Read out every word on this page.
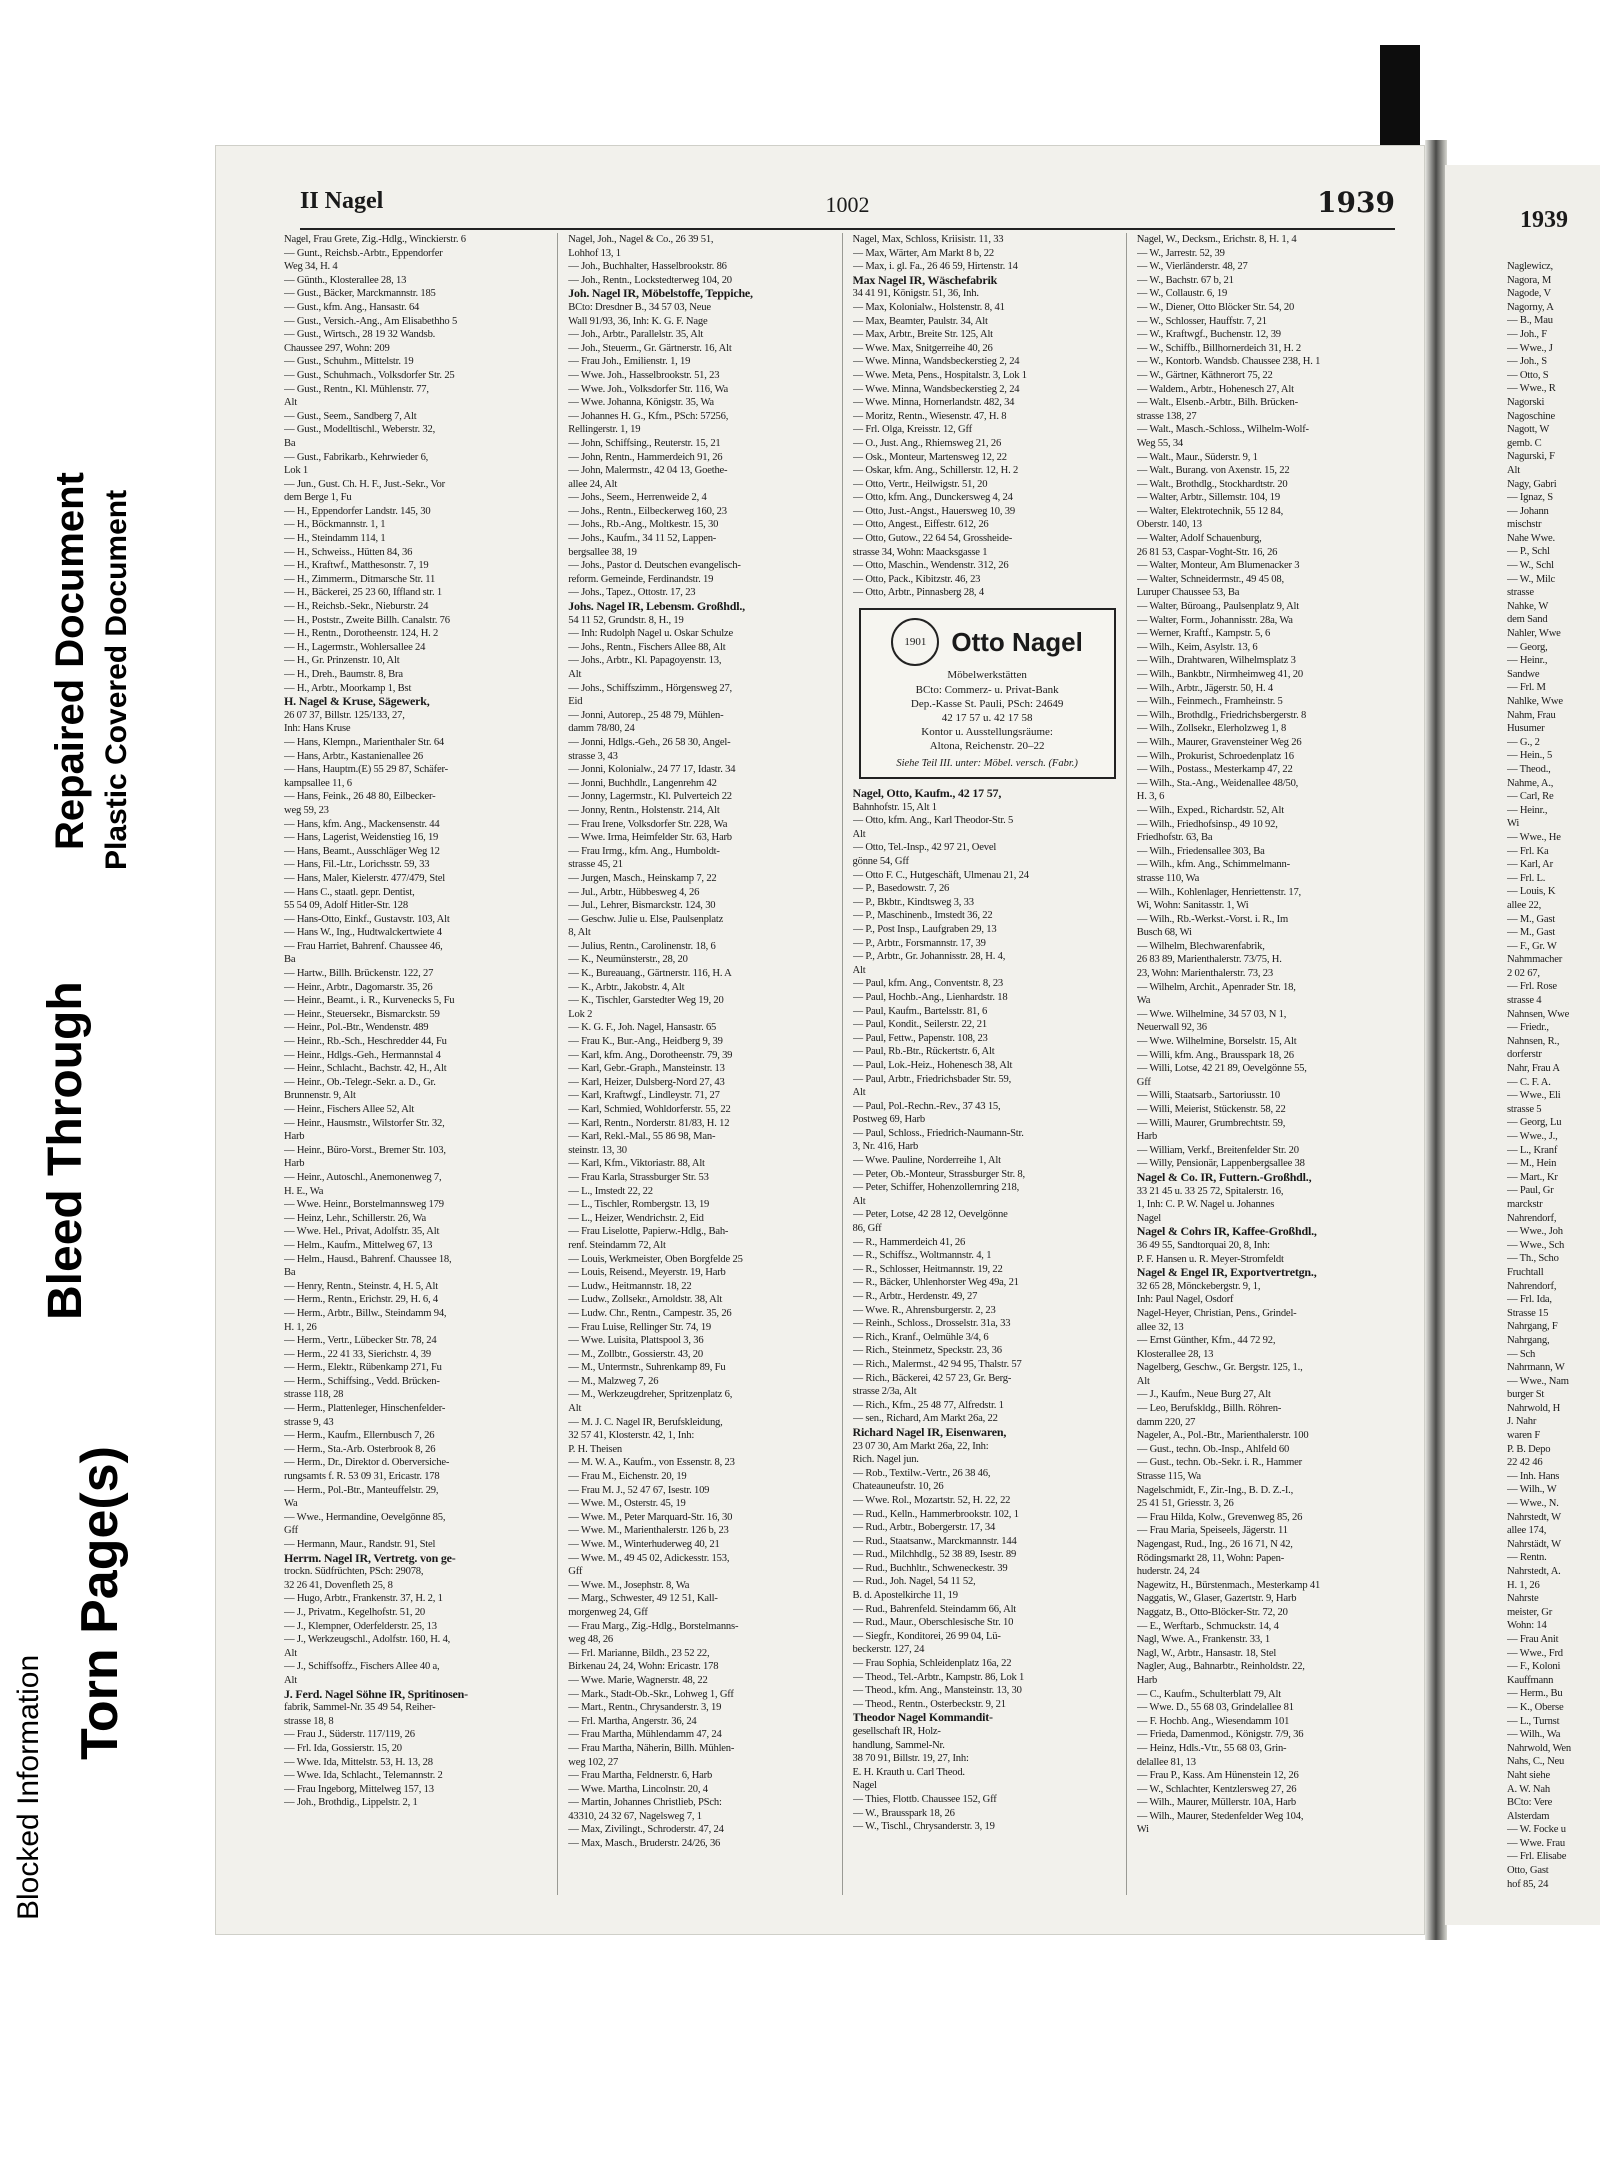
Blocked Information
Bleed Through
Torn Page(s)
Repaired Document Plastic Covered Document
II Nagel	1002	1939

Nagel, Frau Grete, Zig.-Hdlg., Winckierstr. 6

— Gunt., Reichsb.-Arbtr., Eppendorfer

Weg 34, H. 4

— Günth., Klosterallee 28, 13

— Gust., Bäcker, Marckmannstr. 185

— Gust., kfm. Ang., Hansastr. 64

— Gust., Versich.-Ang., Am Elisabethho 5

— Gust., Wirtsch., 28 19 32 Wandsb.

Chaussee 297, Wohn: 209

— Gust., Schuhm., Mittelstr. 19

— Gust., Schuhmach., Volksdorfer Str. 25

— Gust., Rentn., Kl. Mühlenstr. 77,

Alt

— Gust., Seem., Sandberg 7, Alt

— Gust., Modelltischl., Weberstr. 32,

Ba

— Gust., Fabrikarb., Kehrwieder 6,

Lok 1

— Jun., Gust. Ch. H. F., Just.-Sekr., Vor

dem Berge 1, Fu

— H., Eppendorfer Landstr. 145, 30

— H., Böckmannstr. 1, 1

— H., Steindamm 114, 1

— H., Schweiss., Hütten 84, 36

— H., Kraftwf., Matthesonstr. 7, 19

— H., Zimmerm., Ditmarsche Str. 11

— H., Bäckerei, 25 23 60, Iffland str. 1

— H., Reichsb.-Sekr., Nieburstr. 24

— H., Poststr., Zweite Billh. Canalstr. 76

— H., Rentn., Dorotheenstr. 124, H. 2

— H., Lagermstr., Wohlersallee 24

— H., Gr. Prinzenstr. 10, Alt

— H., Dreh., Baumstr. 8, Bra

— H., Arbtr., Moorkamp 1, Bst

H. Nagel & Kruse, Sägewerk,

26 07 37, Billstr. 125/133, 27,

Inh: Hans Kruse

— Hans, Klempn., Marienthaler Str. 64

— Hans, Arbtr., Kastanienallee 26

— Hans, Hauptm.(E) 55 29 87, Schäfer-

kampsallee 11, 6

— Hans, Feink., 26 48 80, Eilbecker-

weg 59, 23

— Hans, kfm. Ang., Mackensenstr. 44

— Hans, Lagerist, Weidenstieg 16, 19

— Hans, Beamt., Ausschläger Weg 12

— Hans, Fil.-Ltr., Lorichsstr. 59, 33

— Hans, Maler, Kielerstr. 477/479, Stel

— Hans C., staatl. gepr. Dentist,

55 54 09, Adolf Hitler-Str. 128

— Hans-Otto, Einkf., Gustavstr. 103, Alt

— Hans W., Ing., Hudtwalckertwiete 4

— Frau Harriet, Bahrenf. Chaussee 46,

Ba

— Hartw., Billh. Brückenstr. 122, 27

— Heinr., Arbtr., Dagomarstr. 35, 26

— Heinr., Beamt., i. R., Kurvenecks 5, Fu

— Heinr., Steuersekr., Bismarckstr. 59

— Heinr., Pol.-Btr., Wendenstr. 489

— Heinr., Rb.-Sch., Heschredder 44, Fu

— Heinr., Hdlgs.-Geh., Hermannstal 4

— Heinr., Schlacht., Bachstr. 42, H., Alt

— Heinr., Ob.-Telegr.-Sekr. a. D., Gr.

Brunnenstr. 9, Alt

— Heinr., Fischers Allee 52, Alt

— Heinr., Hausmstr., Wilstorfer Str. 32,

Harb

— Heinr., Büro-Vorst., Bremer Str. 103,

Harb

— Heinr., Autoschl., Anemonenweg 7,

H. E., Wa

— Wwe. Heinr., Borstelmannsweg 179

— Heinz, Lehr., Schillerstr. 26, Wa

— Wwe. Hel., Privat, Adolfstr. 35, Alt

— Helm., Kaufm., Mittelweg 67, 13

— Helm., Hausd., Bahrenf. Chaussee 18,

Ba

— Henry, Rentn., Steinstr. 4, H. 5, Alt

— Herm., Rentn., Erichstr. 29, H. 6, 4

— Herm., Arbtr., Billw., Steindamm 94,

H. 1, 26

— Herm., Vertr., Lübecker Str. 78, 24

— Herm., 22 41 33, Sierichstr. 4, 39

— Herm., Elektr., Rübenkamp 271, Fu

— Herm., Schiffsing., Vedd. Brücken-

strasse 118, 28

— Herm., Plattenleger, Hinschenfelder-

strasse 9, 43

— Herm., Kaufm., Ellernbusch 7, 26

— Herm., Sta.-Arb. Osterbrook 8, 26

— Herm., Dr., Direktor d. Oberversiche-

rungsamts f. R. 53 09 31, Ericastr. 178

— Herm., Pol.-Btr., Manteuffelstr. 29,

Wa

— Wwe., Hermandine, Oevelgönne 85,

Gff

— Hermann, Maur., Randstr. 91, Stel

Herrm. Nagel IR, Vertretg. von ge-

trockn. Südfrüchten, PSch: 29078,

32 26 41, Dovenfleth 25, 8

— Hugo, Arbtr., Frankenstr. 37, H. 2, 1

— J., Privatm., Kegelhofstr. 51, 20

— J., Klempner, Oderfelderstr. 25, 13

— J., Werkzeugschl., Adolfstr. 160, H. 4,

Alt

— J., Schiffsoffz., Fischers Allee 40 a,

Alt

J. Ferd. Nagel Söhne IR, Spritinosen-

fabrik, Sammel-Nr. 35 49 54, Reiher-

strasse 18, 8

— Frau J., Süderstr. 117/119, 26

— Frl. Ida, Gossierstr. 15, 20

— Wwe. Ida, Mittelstr. 53, H. 13, 28

— Wwe. Ida, Schlacht., Telemannstr. 2

— Frau Ingeborg, Mittelweg 157, 13

— Joh., Brothdig., Lippelstr. 2, 1

Nagel, Joh., Nagel & Co., 26 39 51,

Lohhof 13, 1

— Joh., Buchhalter, Hasselbrookstr. 86

— Joh., Rentn., Lockstedterweg 104, 20

Joh. Nagel IR, Möbelstoffe, Teppiche,

BCto: Dresdner B., 34 57 03, Neue

Wall 91/93, 36, Inh: K. G. F. Nage

— Joh., Arbtr., Parallelstr. 35, Alt

— Joh., Steuerm., Gr. Gärtnerstr. 16, Alt

— Frau Joh., Emilienstr. 1, 19

— Wwe. Joh., Hasselbrookstr. 51, 23

— Wwe. Joh., Volksdorfer Str. 116, Wa

— Wwe. Johanna, Königstr. 35, Wa

— Johannes H. G., Kfm., PSch: 57256,

Rellingerstr. 1, 19

— John, Schiffsing., Reuterstr. 15, 21

— John, Rentn., Hammerdeich 91, 26

— John, Malermstr., 42 04 13, Goethe-

allee 24, Alt

— Johs., Seem., Herrenweide 2, 4

— Johs., Rentn., Eilbeckerweg 160, 23

— Johs., Rb.-Ang., Moltkestr. 15, 30

— Johs., Kaufm., 34 11 52, Lappen-

bergsallee 38, 19

— Johs., Pastor d. Deutschen evangelisch-

reform. Gemeinde, Ferdinandstr. 19

— Johs., Tapez., Ottostr. 17, 23

Johs. Nagel IR, Lebensm. Großhdl.,

54 11 52, Grundstr. 8, H., 19

— Inh: Rudolph Nagel u. Oskar Schulze

— Johs., Rentn., Fischers Allee 88, Alt

— Johs., Arbtr., Kl. Papagoyenstr. 13,

Alt

— Johs., Schiffszimm., Hörgensweg 27,

Eid

— Jonni, Autorep., 25 48 79, Mühlen-

damm 78/80, 24

— Jonni, Hdlgs.-Geh., 26 58 30, Angel-

strasse 3, 43

— Jonni, Kolonialw., 24 77 17, Idastr. 34

— Jonni, Buchhdlr., Langenrehm 42

— Jonny, Lagermstr., Kl. Pulverteich 22

— Jonny, Rentn., Holstenstr. 214, Alt

— Frau Irene, Volksdorfer Str. 228, Wa

— Wwe. Irma, Heimfelder Str. 63, Harb

— Frau Irmg., kfm. Ang., Humboldt-

strasse 45, 21

— Jurgen, Masch., Heinskamp 7, 22

— Jul., Arbtr., Hübbesweg 4, 26

— Jul., Lehrer, Bismarckstr. 124, 30

— Geschw. Julie u. Else, Paulsenplatz

8, Alt

— Julius, Rentn., Carolinenstr. 18, 6

— K., Neumünsterstr., 28, 20

— K., Bureauang., Gärtnerstr. 116, H. A

— K., Arbtr., Jakobstr. 4, Alt

— K., Tischler, Garstedter Weg 19, 20

Lok 2

— K. G. F., Joh. Nagel, Hansastr. 65

— Frau K., Bur.-Ang., Heidberg 9, 39

— Karl, kfm. Ang., Dorotheenstr. 79, 39

— Karl, Gebr.-Graph., Mansteinstr. 13

— Karl, Heizer, Dulsberg-Nord 27, 43

— Karl, Kraftwgf., Lindleystr. 71, 27

— Karl, Schmied, Wohldorferstr. 55, 22

— Karl, Rentn., Norderstr. 81/83, H. 12

— Karl, Rekl.-Mal., 55 86 98, Man-

steinstr. 13, 30

— Karl, Kfm., Viktoriastr. 88, Alt

— Frau Karla, Strassburger Str. 53

— L., Imstedt 22, 22

— L., Tischler, Rombergstr. 13, 19

— L., Heizer, Wendrichstr. 2, Eid

— Frau Liselotte, Papierw.-Hdlg., Bah-

renf. Steindamm 72, Alt

— Louis, Werkmeister, Oben Borgfelde 25

— Louis, Reisend., Meyerstr. 19, Harb

— Ludw., Heitmannstr. 18, 22

— Ludw., Zollsekr., Arnoldstr. 38, Alt

— Ludw. Chr., Rentn., Campestr. 35, 26

— Frau Luise, Rellinger Str. 74, 19

— Wwe. Luisita, Plattspool 3, 36

— M., Zollbtr., Gossierstr. 43, 20

— M., Untermstr., Suhrenkamp 89, Fu

— M., Malzweg 7, 26

— M., Werkzeugdreher, Spritzenplatz 6,

Alt

— M. J. C. Nagel IR, Berufskleidung,

32 57 41, Klosterstr. 42, 1, Inh:

P. H. Theisen

— M. W. A., Kaufm., von Essenstr. 8, 23

— Frau M., Eichenstr. 20, 19

— Frau M. J., 52 47 67, Isestr. 109

— Wwe. M., Osterstr. 45, 19

— Wwe. M., Peter Marquard-Str. 16, 30

— Wwe. M., Marienthalerstr. 126 b, 23

— Wwe. M., Winterhuderweg 40, 21

— Wwe. M., 49 45 02, Adickesstr. 153,

Gff

— Wwe. M., Josephstr. 8, Wa

— Marg., Schwester, 49 12 51, Kall-

morgenweg 24, Gff

— Frau Marg., Zig.-Hdlg., Borstelmanns-

weg 48, 26

— Frl. Marianne, Bildh., 23 52 22,

Birkenau 24, 24, Wohn: Ericastr. 178

— Wwe. Marie, Wagnerstr. 48, 22

— Mark., Stadt-Ob.-Skr., Lohweg 1, Gff

— Mart., Rentn., Chrysanderstr. 3, 19

— Frl. Martha, Angerstr. 36, 24

— Frau Martha, Mühlendamm 47, 24

— Frau Martha, Näherin, Billh. Mühlen-

weg 102, 27

— Frau Martha, Feldnerstr. 6, Harb

— Wwe. Martha, Lincolnstr. 20, 4

— Martin, Johannes Christlieb, PSch:

43310, 24 32 67, Nagelsweg 7, 1

— Max, Zivilingt., Schroderstr. 47, 24

— Max, Masch., Bruderstr. 24/26, 36

Nagel, Max, Schloss, Kriisistr. 11, 33

— Max, Wärter, Am Markt 8 b, 22

— Max, i. gl. Fa., 26 46 59, Hirtenstr. 14

Max Nagel IR, Wäschefabrik

34 41 91, Königstr. 51, 36, Inh.

— Max, Kolonialw., Holstenstr. 8, 41

— Max, Beamter, Paulstr. 34, Alt

— Max, Arbtr., Breite Str. 125, Alt

— Wwe. Max, Snitgerreihe 40, 26

— Wwe. Minna, Wandsbeckerstieg 2, 24

— Wwe. Meta, Pens., Hospitalstr. 3, Lok 1

— Wwe. Minna, Wandsbeckerstieg 2, 24

— Wwe. Minna, Hornerlandstr. 482, 34

— Moritz, Rentn., Wiesenstr. 47, H. 8

— Frl. Olga, Kreisstr. 12, Gff

— O., Just. Ang., Rhiemsweg 21, 26

— Osk., Monteur, Martensweg 12, 22

— Oskar, kfm. Ang., Schillerstr. 12, H. 2

— Otto, Vertr., Heilwigstr. 51, 20

— Otto, kfm. Ang., Dunckersweg 4, 24

— Otto, Just.-Angst., Hauersweg 10, 39

— Otto, Angest., Eiffestr. 612, 26

— Otto, Gutow., 22 64 54, Grossheide-

strasse 34, Wohn: Maacksgasse 1

— Otto, Maschin., Wendenstr. 312, 26

— Otto, Pack., Kibitzstr. 46, 23

— Otto, Arbtr., Pinnasberg 28, 4

1901 Otto Nagel
Möbelwerkstätten
BCto: Commerz- u. Privat-Bank
Dep.-Kasse St. Pauli, PSch: 24649
42 17 57 u. 42 17 58
Kontor u. Ausstellungsräume:
Altona, Reichenstr. 20–22
Siehe Teil III. unter: Möbel. versch. (Fabr.)

Nagel, Otto, Kaufm., 42 17 57,

Bahnhofstr. 15, Alt 1

— Otto, kfm. Ang., Karl Theodor-Str. 5

Alt

— Otto, Tel.-Insp., 42 97 21, Oevel

gönne 54, Gff

— Otto F. C., Hutgeschäft, Ulmenau 21, 24

— P., Basedowstr. 7, 26

— P., Bkbtr., Kindtsweg 3, 33

— P., Maschinenb., Imstedt 36, 22

— P., Post Insp., Laufgraben 29, 13

— P., Arbtr., Forsmannstr. 17, 39

— P., Arbtr., Gr. Johannisstr. 28, H. 4,

Alt

— Paul, kfm. Ang., Conventstr. 8, 23

— Paul, Hochb.-Ang., Lienhardstr. 18

— Paul, Kaufm., Bartelsstr. 81, 6

— Paul, Kondit., Seilerstr. 22, 21

— Paul, Fettw., Papenstr. 108, 23

— Paul, Rb.-Btr., Rückertstr. 6, Alt

— Paul, Lok.-Heiz., Hohenesch 38, Alt

— Paul, Arbtr., Friedrichsbader Str. 59,

Alt

— Paul, Pol.-Rechn.-Rev., 37 43 15,

Postweg 69, Harb

— Paul, Schloss., Friedrich-Naumann-Str.

3, Nr. 416, Harb

— Wwe. Pauline, Norderreihe 1, Alt

— Peter, Ob.-Monteur, Strassburger Str. 8,

— Peter, Schiffer, Hohenzollernring 218,

Alt

— Peter, Lotse, 42 28 12, Oevelgönne

86, Gff

— R., Hammerdeich 41, 26

— R., Schiffsz., Woltmannstr. 4, 1

— R., Schlosser, Heitmannstr. 19, 22

— R., Bäcker, Uhlenhorster Weg 49a, 21

— R., Arbtr., Herdenstr. 49, 27

— Wwe. R., Ahrensburgerstr. 2, 23

— Reinh., Schloss., Drosselstr. 31a, 33

— Rich., Kranf., Oelmühle 3/4, 6

— Rich., Steinmetz, Speckstr. 23, 36

— Rich., Malermst., 42 94 95, Thalstr. 57

— Rich., Bäckerei, 42 57 23, Gr. Berg-

strasse 2/3a, Alt

— Rich., Kfm., 25 48 77, Alfredstr. 1

— sen., Richard, Am Markt 26a, 22

Richard Nagel IR, Eisenwaren,

23 07 30, Am Markt 26a, 22, Inh:

Rich. Nagel jun.

— Rob., Textilw.-Vertr., 26 38 46,

Chateauneufstr. 10, 26

— Wwe. Rol., Mozartstr. 52, H. 22, 22

— Rud., Kelln., Hammerbrookstr. 102, 1

— Rud., Arbtr., Bobergerstr. 17, 34

— Rud., Staatsanw., Marckmannstr. 144

— Rud., Milchhdlg., 52 38 89, Isestr. 89

— Rud., Buchhltr., Schweneckestr. 39

— Rud., Joh. Nagel, 54 11 52,

B. d. Apostelkirche 11, 19

— Rud., Bahrenfeld. Steindamm 66, Alt

— Rud., Maur., Oberschlesische Str. 10

— Siegfr., Konditorei, 26 99 04, Lü-

beckerstr. 127, 24

— Frau Sophia, Schleidenplatz 16a, 22

— Theod., Tel.-Arbtr., Kampstr. 86, Lok 1

— Theod., kfm. Ang., Mansteinstr. 13, 30

— Theod., Rentn., Osterbeckstr. 9, 21

Theodor Nagel Kommandit-

gesellschaft IR, Holz-

handlung, Sammel-Nr.

38 70 91, Billstr. 19, 27, Inh:

E. H. Krauth u. Carl Theod.

Nagel

— Thies, Flottb. Chaussee 152, Gff

— W., Brausspark 18, 26

— W., Tischl., Chrysanderstr. 3, 19

Nagel, W., Decksm., Erichstr. 8, H. 1, 4

— W., Jarrestr. 52, 39

— W., Vierländerstr. 48, 27

— W., Bachstr. 67 b, 21

— W., Collaustr. 6, 19

— W., Diener, Otto Blöcker Str. 54, 20

— W., Schlosser, Hauffstr. 7, 21

— W., Kraftwgf., Buchenstr. 12, 39

— W., Schiffb., Billhornerdeich 31, H. 2

— W., Kontorb. Wandsb. Chaussee 238, H. 1

— W., Gärtner, Käthnerort 75, 22

— Waldem., Arbtr., Hohenesch 27, Alt

— Walt., Elsenb.-Arbtr., Bilh. Brücken-

strasse 138, 27

— Walt., Masch.-Schloss., Wilhelm-Wolf-

Weg 55, 34

— Walt., Maur., Süderstr. 9, 1

— Walt., Burang. von Axenstr. 15, 22

— Walt., Brothdlg., Stockhardtstr. 20

— Walter, Arbtr., Sillemstr. 104, 19

— Walter, Elektrotechnik, 55 12 84,

Oberstr. 140, 13

— Walter, Adolf Schauenburg,

26 81 53, Caspar-Voght-Str. 16, 26

— Walter, Monteur, Am Blumenacker 3

— Walter, Schneidermstr., 49 45 08,

Luruper Chaussee 53, Ba

— Walter, Büroang., Paulsenplatz 9, Alt

— Walter, Form., Johannisstr. 28a, Wa

— Werner, Kraftf., Kampstr. 5, 6

— Wilh., Keim, Asylstr. 13, 6

— Wilh., Drahtwaren, Wilhelmsplatz 3

— Wilh., Bankbtr., Nirmheimweg 41, 20

— Wilh., Arbtr., Jägerstr. 50, H. 4

— Wilh., Feinmech., Framheinstr. 5

— Wilh., Brothdlg., Friedrichsbergerstr. 8

— Wilh., Zollsekr., Elerholzweg 1, 8

— Wilh., Maurer, Gravensteiner Weg 26

— Wilh., Prokurist, Schroedenplatz 16

— Wilh., Postass., Mesterkamp 47, 22

— Wilh., Sta.-Ang., Weidenallee 48/50,

H. 3, 6

— Wilh., Exped., Richardstr. 52, Alt

— Wilh., Friedhofsinsp., 49 10 92,

Friedhofstr. 63, Ba

— Wilh., Friedensallee 303, Ba

— Wilh., kfm. Ang., Schimmelmann-

strasse 110, Wa

— Wilh., Kohlenlager, Henriettenstr. 17,

Wi, Wohn: Sanitasstr. 1, Wi

— Wilh., Rb.-Werkst.-Vorst. i. R., Im

Busch 68, Wi

— Wilhelm, Blechwarenfabrik,

26 83 89, Marienthalerstr. 73/75, H.

23, Wohn: Marienthalerstr. 73, 23

— Wilhelm, Archit., Apenrader Str. 18,

Wa

— Wwe. Wilhelmine, 34 57 03, N 1,

Neuerwall 92, 36

— Wwe. Wilhelmine, Borselstr. 15, Alt

— Willi, kfm. Ang., Brausspark 18, 26

— Willi, Lotse, 42 21 89, Oevelgönne 55,

Gff

— Willi, Staatsarb., Sartoriusstr. 10

— Willi, Meierist, Stückenstr. 58, 22

— Willi, Maurer, Grumbrechtstr. 59,

Harb

— William, Verkf., Breitenfelder Str. 20

— Willy, Pensionär, Lappenbergsallee 38

Nagel & Co. IR, Futtern.-Großhdl.,

33 21 45 u. 33 25 72, Spitalerstr. 16,

1, Inh: C. P. W. Nagel u. Johannes

Nagel

Nagel & Cohrs IR, Kaffee-Großhdl.,

36 49 55, Sandtorquai 20, 8, Inh:

P. F. Hansen u. R. Meyer-Stromfeldt

Nagel & Engel IR, Exportvertretgn.,

32 65 28, Mönckebergstr. 9, 1,

Inh: Paul Nagel, Osdorf

Nagel-Heyer, Christian, Pens., Grindel-

allee 32, 13

— Ernst Günther, Kfm., 44 72 92,

Klosterallee 28, 13

Nagelberg, Geschw., Gr. Bergstr. 125, 1.,

Alt

— J., Kaufm., Neue Burg 27, Alt

— Leo, Berufskldg., Billh. Röhren-

damm 220, 27

Nageler, A., Pol.-Btr., Marienthalerstr. 100

— Gust., techn. Ob.-Insp., Ahlfeld 60

— Gust., techn. Ob.-Sekr. i. R., Hammer

Strasse 115, Wa

Nagelschmidt, F., Zir.-Ing., B. D. Z.-I.,

25 41 51, Griesstr. 3, 26

— Frau Hilda, Kolw., Grevenweg 85, 26

— Frau Maria, Speiseels, Jägerstr. 11

Nagengast, Rud., Ing., 26 16 71, N 42,

Rödingsmarkt 28, 11, Wohn: Papen-

huderstr. 24, 24

Nagewitz, H., Bürstenmach., Mesterkamp 41

Naggatis, W., Glaser, Gazertstr. 9, Harb

Naggatz, B., Otto-Blöcker-Str. 72, 20

— E., Werftarb., Schmuckstr. 14, 4

Nagl, Wwe. A., Frankenstr. 33, 1

Nagl, W., Arbtr., Hansastr. 18, Stel

Nagler, Aug., Bahnarbtr., Reinholdstr. 22,

Harb

— C., Kaufm., Schulterblatt 79, Alt

— Wwe. D., 55 68 03, Grindelallee 81

— F. Hochb. Ang., Wiesendamm 101

— Frieda, Damenmod., Königstr. 7/9, 36

— Heinz, Hdls.-Vtr., 55 68 03, Grin-

delallee 81, 13

— Frau P., Kass. Am Hünenstein 12, 26

— W., Schlachter, Kentzlersweg 27, 26

— Wilh., Maurer, Müllerstr. 10A, Harb

— Wilh., Maurer, Stedenfelder Weg 104,

Wi

1939

Naglewicz,

Nagora, M

Nagode, V

Nagorny, A

— B., Mau

— Joh., F

— Wwe., J

— Joh., S

— Otto, S

— Wwe., R

Nagorski

Nagoschine

Nagott, W

gemb. C

Nagurski, F

Alt

Nagy, Gabri

— Ignaz, S

— Johann

mischstr

Nahe Wwe.

— P., Schl

— W., Schl

— W., Milc

strasse

Nahke, W

dem Sand

Nahler, Wwe

— Georg,

— Heinr.,

Sandwe

— Frl. M

Nahlke, Wwe

Nahm, Frau

Husumer

— G., 2

— Hein., 5

— Theod.,

Nahme, A.,

— Carl, Re

— Heinr.,

Wi

— Wwe., He

— Frl. Ka

— Karl, Ar

— Frl. L.

— Louis, K

allee 22,

— M., Gast

— M., Gast

— F., Gr. W

Nahmmacher

2 02 67,

— Frl. Rose

strasse 4

Nahnsen, Wwe

— Friedr.,

Nahnsen, R.,

dorferstr

Nahr, Frau A

— C. F. A.

— Wwe., Eli

strasse 5

— Georg, Lu

— Wwe., J.,

— L., Kranf

— M., Hein

— Mart., Kr

— Paul, Gr

marckstr

Nahrendorf,

— Wwe., Joh

— Wwe., Sch

— Th., Scho

Fruchtall

Nahrendorf,

— Frl. Ida,

Strasse 15

Nahrgang, F

Nahrgang,

— Sch

Nahrmann, W

— Wwe., Nam

burger St

Nahrwold, H

J. Nahr

waren F

P. B. Depo

22 42 46

— Inh. Hans

— Wilh., W

— Wwe., N.

Nahrstedt, W

allee 174,

Nahrstädt, W

— Rentn.

Nahrstedt, A.

H. 1, 26

Nahrste

meister, Gr

Wohn: 14

— Frau Anit

— Wwe., Frd

— F., Koloni

Kauffmann

— Herm., Bu

— K., Oberse

— L., Turnst

— Wilh., Wa

Nahrwold, Wen

Nahs, C., Neu

Naht siehe

A. W. Nah

BCto: Vere

Alsterdam

— W. Focke u

— Wwe. Frau

— Frl. Elisabe

Otto, Gast

hof 85, 24
